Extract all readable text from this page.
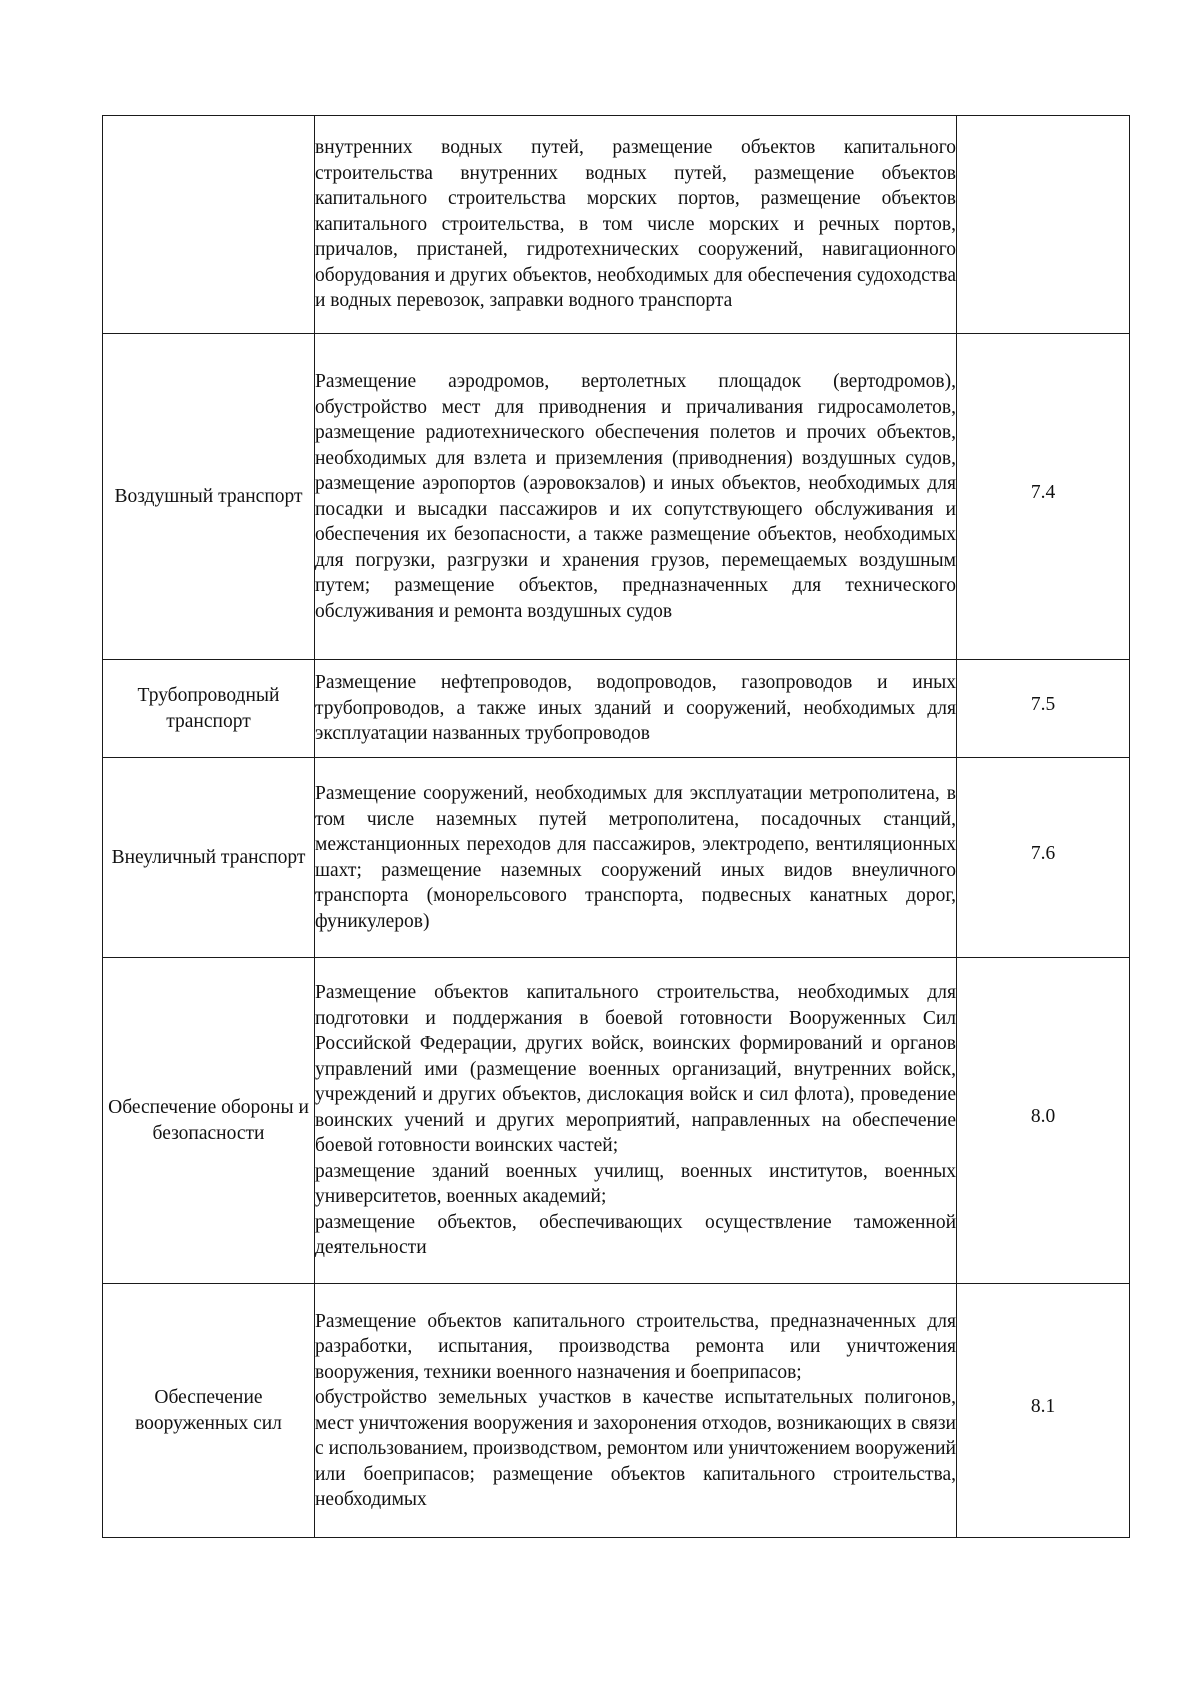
	внутренних водных путей, размещение объектов капитального строительства внутренних водных путей, размещение объектов капитального строительства морских портов, размещение объектов капитального строительства, в том числе морских и речных портов, причалов, пристаней, гидротехнических сооружений, навигационного оборудования и других объектов, необходимых для обеспечения судоходства и водных перевозок, заправки водного транспорта	

Воздушный транспорт	Размещение аэродромов, вертолетных площадок (вертодромов), обустройство мест для приводнения и причаливания гидросамолетов, размещение радиотехнического обеспечения полетов и прочих объектов, необходимых для взлета и приземления (приводнения) воздушных судов, размещение аэропортов (аэровокзалов) и иных объектов, необходимых для посадки и высадки пассажиров и их сопутствующего обслуживания и обеспечения их безопасности, а также размещение объектов, необходимых для погрузки, разгрузки и хранения грузов, перемещаемых воздушным путем; размещение объектов, предназначенных для технического обслуживания и ремонта воздушных судов	7.4
Трубопроводный транспорт	Размещение нефтепроводов, водопроводов, газопроводов и иных трубопроводов, а также иных зданий и сооружений, необходимых для эксплуатации названных трубопроводов	7.5
Внеуличный транспорт	Размещение сооружений, необходимых для эксплуатации метрополитена, в том числе наземных путей метрополитена, посадочных станций, межстанционных переходов для пассажиров, электродепо, вентиляционных шахт; размещение наземных сооружений иных видов внеуличного транспорта (монорельсового транспорта, подвесных канатных дорог, фуникулеров)	7.6
Обеспечение обороны и безопасности	Размещение объектов капитального строительства, необходимых для подготовки и поддержания в боевой готовности Вооруженных Сил Российской Федерации, других войск, воинских формирований и органов управлений ими (размещение военных организаций, внутренних войск, учреждений и других объектов, дислокация войск и сил флота), проведение воинских учений и других мероприятий, направленных на обеспечение боевой готовности воинских частей;
размещение зданий военных училищ, военных институтов, военных университетов, военных академий;
размещение объектов, обеспечивающих осуществление таможенной деятельности	8.0
Обеспечение вооруженных сил	Размещение объектов капитального строительства, предназначенных для разработки, испытания, производства ремонта или уничтожения вооружения, техники военного назначения и боеприпасов;
обустройство земельных участков в качестве испытательных полигонов, мест уничтожения вооружения и захоронения отходов, возникающих в связи с использованием, производством, ремонтом или уничтожением вооружений или боеприпасов; размещение объектов капитального строительства, необходимых	8.1
